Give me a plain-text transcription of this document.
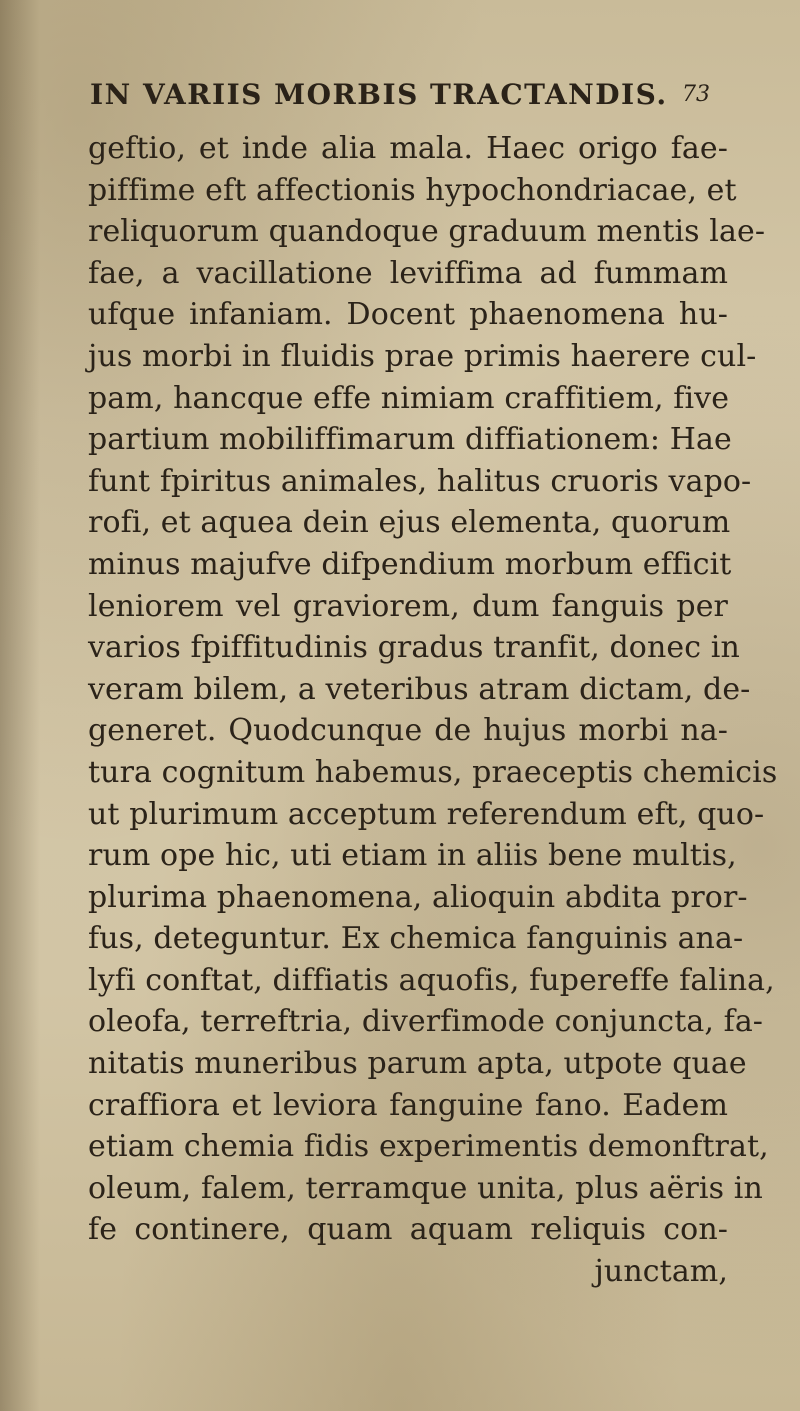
IN VARIIS MORBIS TRACTANDIS. 73
geftio, et inde alia mala. Haec origo fae-
piffime eft affectionis hypochondriacae, et
reliquorum quandoque graduum mentis lae-
fae, a vacillatione leviffima ad fummam
ufque infaniam. Docent phaenomena hu-
jus morbi in fluidis prae primis haerere cul-
pam, hancque effe nimiam craffitiem, five
partium mobiliffimarum diffiationem: Hae
funt fpiritus animales, halitus cruoris vapo-
rofi, et aquea dein ejus elementa, quorum
minus majufve difpendium morbum efficit
leniorem vel graviorem, dum fanguis per
varios fpiffitudinis gradus tranfit, donec in
veram bilem, a veteribus atram dictam, de-
generet. Quodcunque de hujus morbi na-
tura cognitum habemus, praeceptis chemicis
ut plurimum acceptum referendum eft, quo-
rum ope hic, uti etiam in aliis bene multis,
plurima phaenomena, alioquin abdita pror-
fus, deteguntur. Ex chemica fanguinis ana-
lyfi conftat, diffiatis aquofis, fupereffe falina,
oleofa, terreftria, diverfimode conjuncta, fa-
nitatis muneribus parum apta, utpote quae
craffiora et leviora fanguine fano. Eadem
etiam chemia fidis experimentis demonftrat,
oleum, falem, terramque unita, plus aëris in
fe continere, quam aquam reliquis con-
junctam,
